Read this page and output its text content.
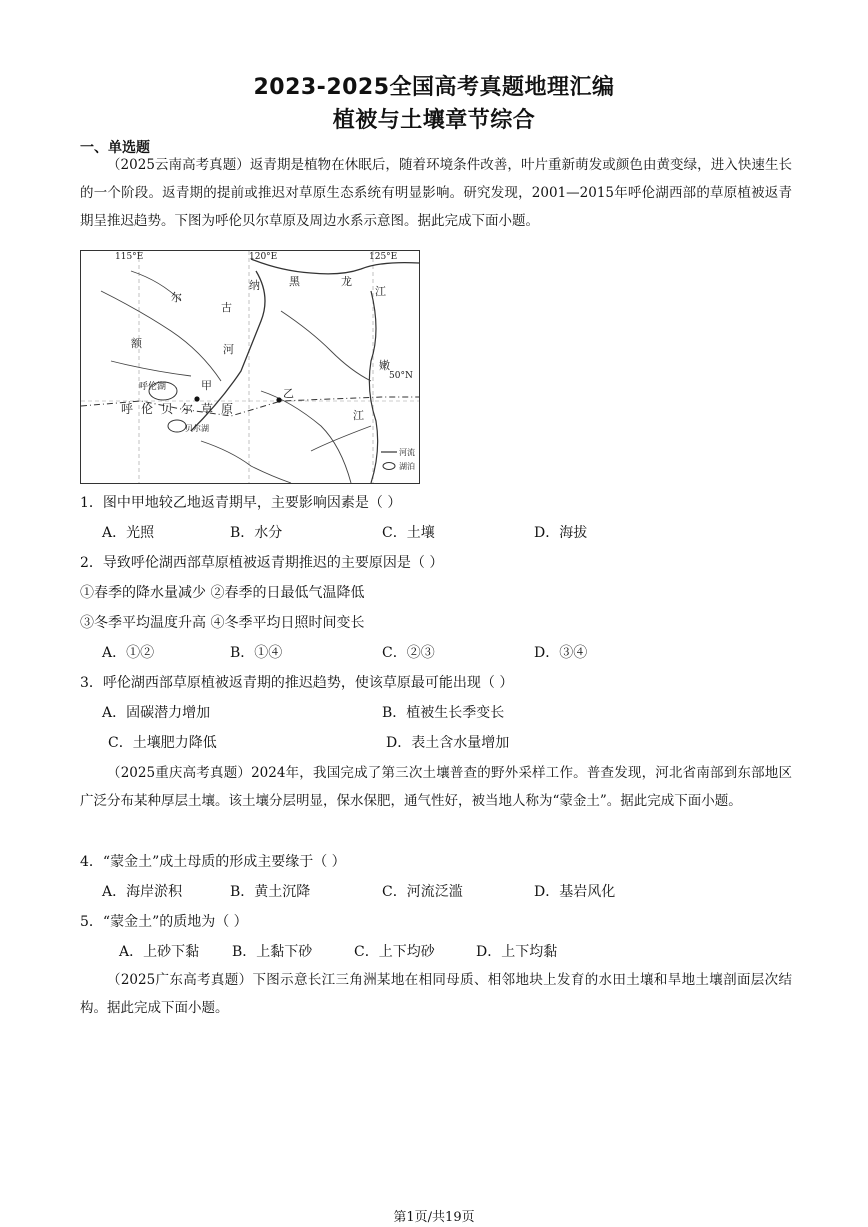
2023-2025全国高考真题地理汇编
植被与土壤章节综合
一、单选题

（2025云南高考真题）返青期是植物在休眠后，随着环境条件改善，叶片重新萌发或颜色由黄变绿，进入快速生长的一个阶段。返青期的提前或推迟对草原生态系统有明显影响。研究发现，2001—2015年呼伦湖西部的草原植被返青期呈推迟趋势。下图为呼伦贝尔草原及周边水系示意图。据此完成下面小题。

115°E	120°E	125°E
50°N
额
尔
古
纳
河
黑	龙
江
嫩
江
呼伦湖	甲
乙
呼 伦 贝 尔 草 原
贝尔湖
河流
湖泊
1．图中甲地较乙地返青期早，主要影响因素是（ ）
A．光照	B．水分	C．土壤	D．海拔
2．导致呼伦湖西部草原植被返青期推迟的主要原因是（ ）
①春季的降水量减少 ②春季的日最低气温降低
③冬季平均温度升高 ④冬季平均日照时间变长
A．①②	B．①④	C．②③	D．③④
3．呼伦湖西部草原植被返青期的推迟趋势，使该草原最可能出现（ ）
A．固碳潜力增加	B．植被生长季变长
C．土壤肥力降低	D．表土含水量增加

（2025重庆高考真题）2024年，我国完成了第三次土壤普查的野外采样工作。普查发现，河北省南部到东部地区广泛分布某种厚层土壤。该土壤分层明显，保水保肥，通气性好，被当地人称为“蒙金土”。据此完成下面小题。

4．“蒙金土”成土母质的形成主要缘于（ ）
A．海岸淤积	B．黄土沉降	C．河流泛滥	D．基岩风化
5．“蒙金土”的质地为（ ）
A．上砂下黏 B．上黏下砂	C．上下均砂	D．上下均黏

（2025广东高考真题）下图示意长江三角洲某地在相同母质、相邻地块上发育的水田土壤和旱地土壤剖面层次结构。据此完成下面小题。

第1页/共19页
